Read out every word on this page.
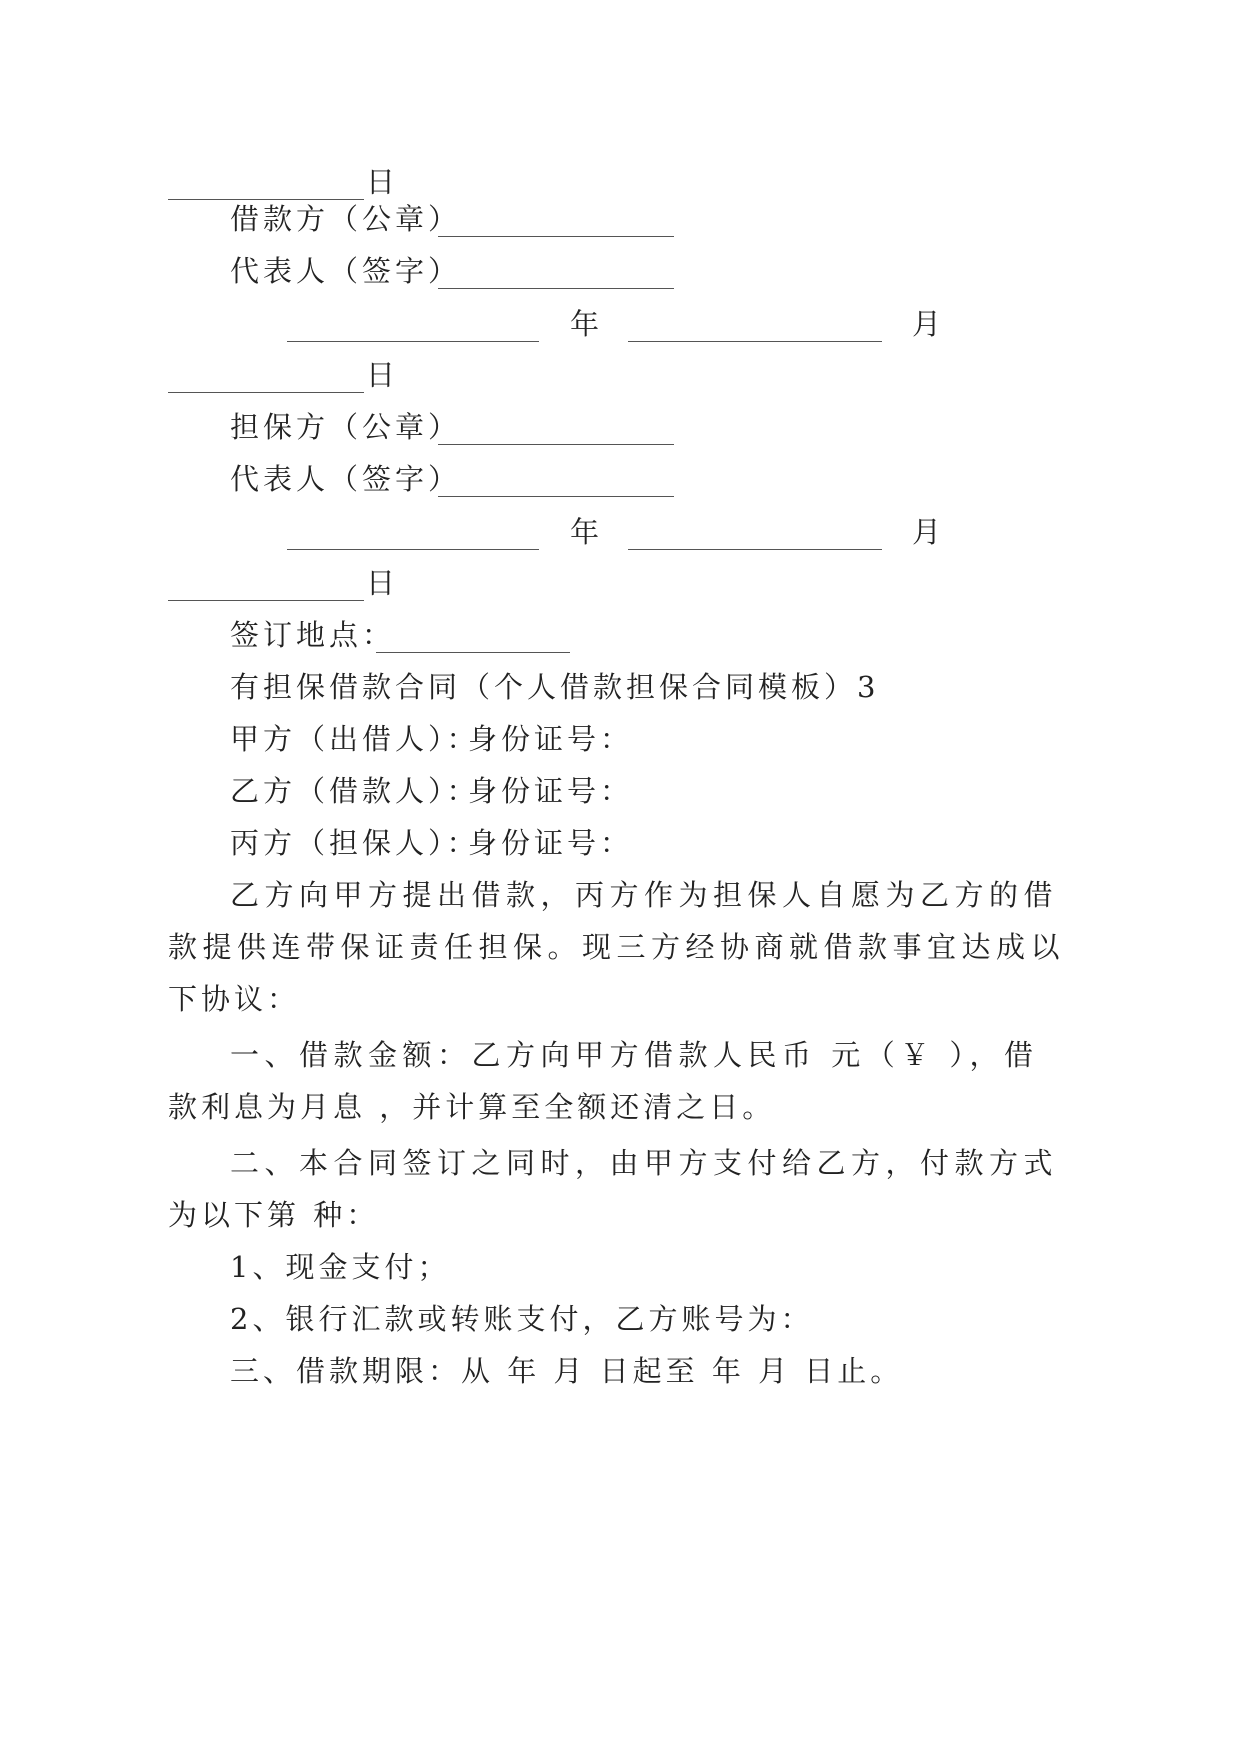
日
借款方（公章）
代表人（签字）
年	月
日
担保方（公章）
代表人（签字）
年	月
日
签订地点：
有担保借款合同（个人借款担保合同模板）3
甲方（出借人）：
身份证号：
乙方（借款人）：
身份证号：
丙方（担保人）：
身份证号：
乙方向甲方提出借款，丙方作为担保人自愿为乙方的借
款提供连带保证责任担保。现三方经协商就借款事宜达成以
下协议：
一、借款金额：乙方向甲方借款人民币 元（￥ ），借
款利息为月息 ，并计算至全额还清之日。
二、本合同签订之同时，由甲方支付给乙方，付款方式
为以下第 种：
1、现金支付；
2、银行汇款或转账支付，乙方账号为：
三、借款期限：从 年 月 日起至 年 月 日止。
